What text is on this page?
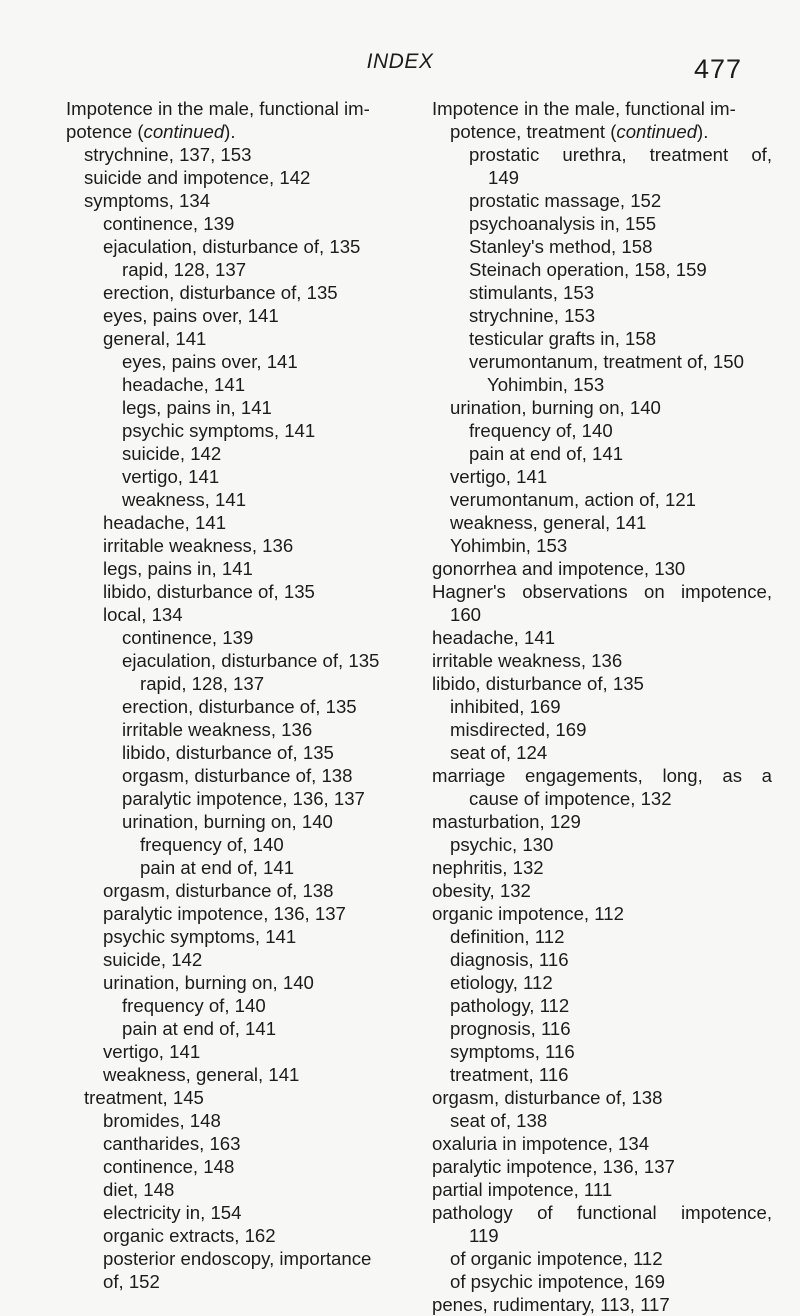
INDEX	477
Impotence in the male, functional im-
potence (continued).
strychnine, 137, 153
suicide and impotence, 142
symptoms, 134
continence, 139
ejaculation, disturbance of, 135
rapid, 128, 137
erection, disturbance of, 135
eyes, pains over, 141
general, 141
eyes, pains over, 141
headache, 141
legs, pains in, 141
psychic symptoms, 141
suicide, 142
vertigo, 141
weakness, 141
headache, 141
irritable weakness, 136
legs, pains in, 141
libido, disturbance of, 135
local, 134
continence, 139
ejaculation, disturbance of, 135
rapid, 128, 137
erection, disturbance of, 135
irritable weakness, 136
libido, disturbance of, 135
orgasm, disturbance of, 138
paralytic impotence, 136, 137
urination, burning on, 140
frequency of, 140
pain at end of, 141
orgasm, disturbance of, 138
paralytic impotence, 136, 137
psychic symptoms, 141
suicide, 142
urination, burning on, 140
frequency of, 140
pain at end of, 141
vertigo, 141
weakness, general, 141
treatment, 145
bromides, 148
cantharides, 163
continence, 148
diet, 148
electricity in, 154
organic extracts, 162
posterior endoscopy, importance
of, 152
Impotence in the male, functional im-
potence, treatment (continued).
prostatic urethra, treatment of,
149
prostatic massage, 152
psychoanalysis in, 155
Stanley's method, 158
Steinach operation, 158, 159
stimulants, 153
strychnine, 153
testicular grafts in, 158
verumontanum, treatment of, 150
Yohimbin, 153
urination, burning on, 140
frequency of, 140
pain at end of, 141
vertigo, 141
verumontanum, action of, 121
weakness, general, 141
Yohimbin, 153
gonorrhea and impotence, 130
Hagner's observations on impotence,
160
headache, 141
irritable weakness, 136
libido, disturbance of, 135
inhibited, 169
misdirected, 169
seat of, 124
marriage engagements, long, as a
cause of impotence, 132
masturbation, 129
psychic, 130
nephritis, 132
obesity, 132
organic impotence, 112
definition, 112
diagnosis, 116
etiology, 112
pathology, 112
prognosis, 116
symptoms, 116
treatment, 116
orgasm, disturbance of, 138
seat of, 138
oxaluria in impotence, 134
paralytic impotence, 136, 137
partial impotence, 111
pathology of functional impotence,
119
of organic impotence, 112
of psychic impotence, 169
penes, rudimentary, 113, 117
